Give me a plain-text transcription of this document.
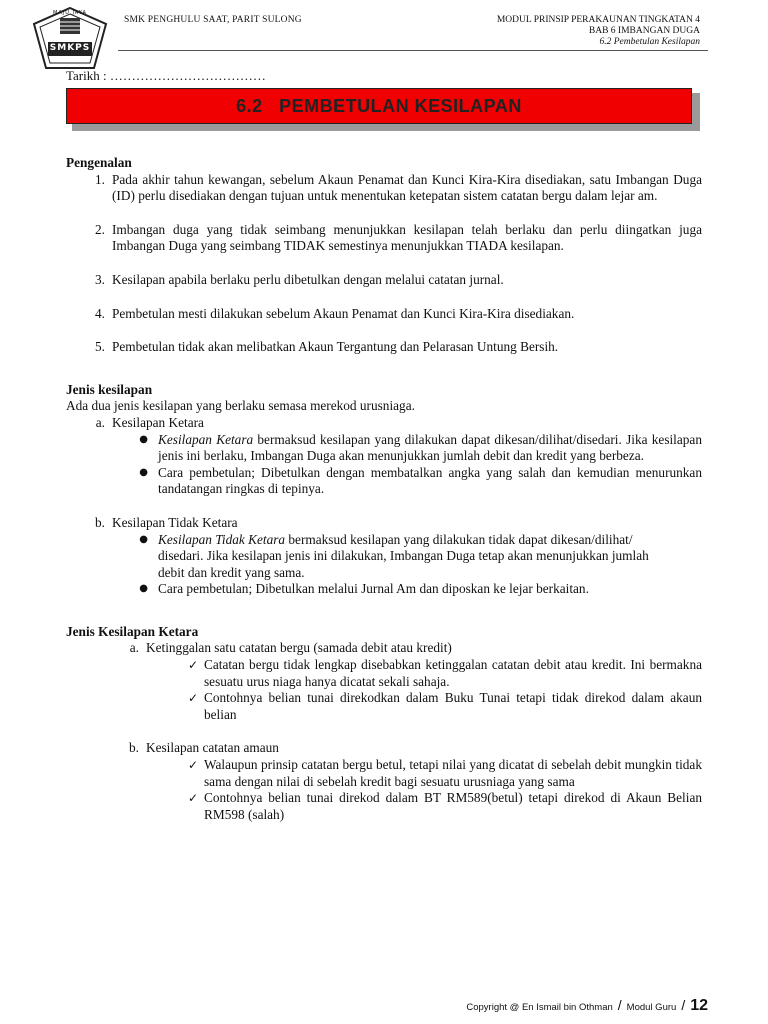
MAJU JAYA
SMKPS
SMK PENGHULU SAAT, PARIT SULONG	MODUL PRINSIP PERAKAUNAN TINGKATAN 4
BAB 6 IMBANGAN DUGA
6.2 Pembetulan Kesilapan
Tarikh : ………………………………
6.2   PEMBETULAN KESILAPAN

Pengenalan

1. Pada akhir tahun kewangan, sebelum Akaun Penamat dan Kunci Kira-Kira disediakan, satu Imbangan Duga (ID) perlu disediakan dengan tujuan untuk menentukan ketepatan sistem catatan bergu dalam lejar am.
2. Imbangan duga yang tidak seimbang menunjukkan kesilapan telah berlaku dan perlu diingatkan juga Imbangan Duga yang seimbang TIDAK semestinya menunjukkan TIADA kesilapan.
3. Kesilapan apabila berlaku perlu dibetulkan dengan melalui catatan jurnal.
4. Pembetulan mesti dilakukan sebelum Akaun Penamat dan Kunci Kira-Kira disediakan.
5. Pembetulan tidak akan melibatkan Akaun Tergantung dan Pelarasan Untung Bersih.

Jenis kesilapan

Ada dua jenis kesilapan yang berlaku semasa merekod urusniaga.

a. Kesilapan Ketara
● Kesilapan Ketara bermaksud kesilapan yang dilakukan dapat dikesan/dilihat/disedari. Jika kesilapan jenis ini berlaku, Imbangan Duga akan menunjukkan jumlah debit dan kredit yang berbeza.
● Cara pembetulan; Dibetulkan dengan membatalkan angka yang salah dan kemudian menurunkan tandatangan ringkas di tepinya.
b. Kesilapan Tidak Ketara
● Kesilapan Tidak Ketara bermaksud kesilapan yang dilakukan tidak dapat dikesan/dilihat/
disedari. Jika kesilapan jenis ini dilakukan, Imbangan Duga tetap akan menunjukkan jumlah
debit dan kredit yang sama.
● Cara pembetulan; Dibetulkan melalui Jurnal Am dan diposkan ke lejar berkaitan.

Jenis Kesilapan Ketara

a. Ketinggalan satu catatan bergu (samada debit atau kredit)
✓ Catatan bergu tidak lengkap disebabkan ketinggalan catatan debit atau kredit. Ini bermakna sesuatu urus niaga hanya dicatat sekali sahaja.
✓ Contohnya belian tunai direkodkan dalam Buku Tunai tetapi tidak direkod dalam akaun belian
b. Kesilapan catatan amaun
✓ Walaupun prinsip catatan bergu betul, tetapi nilai yang dicatat di sebelah debit mungkin tidak sama dengan nilai di sebelah kredit bagi sesuatu urusniaga yang sama
✓ Contohnya belian tunai direkod dalam BT RM589(betul) tetapi direkod di Akaun Belian RM598 (salah)
Copyright @ En Ismail bin Othman / Modul Guru / 12
